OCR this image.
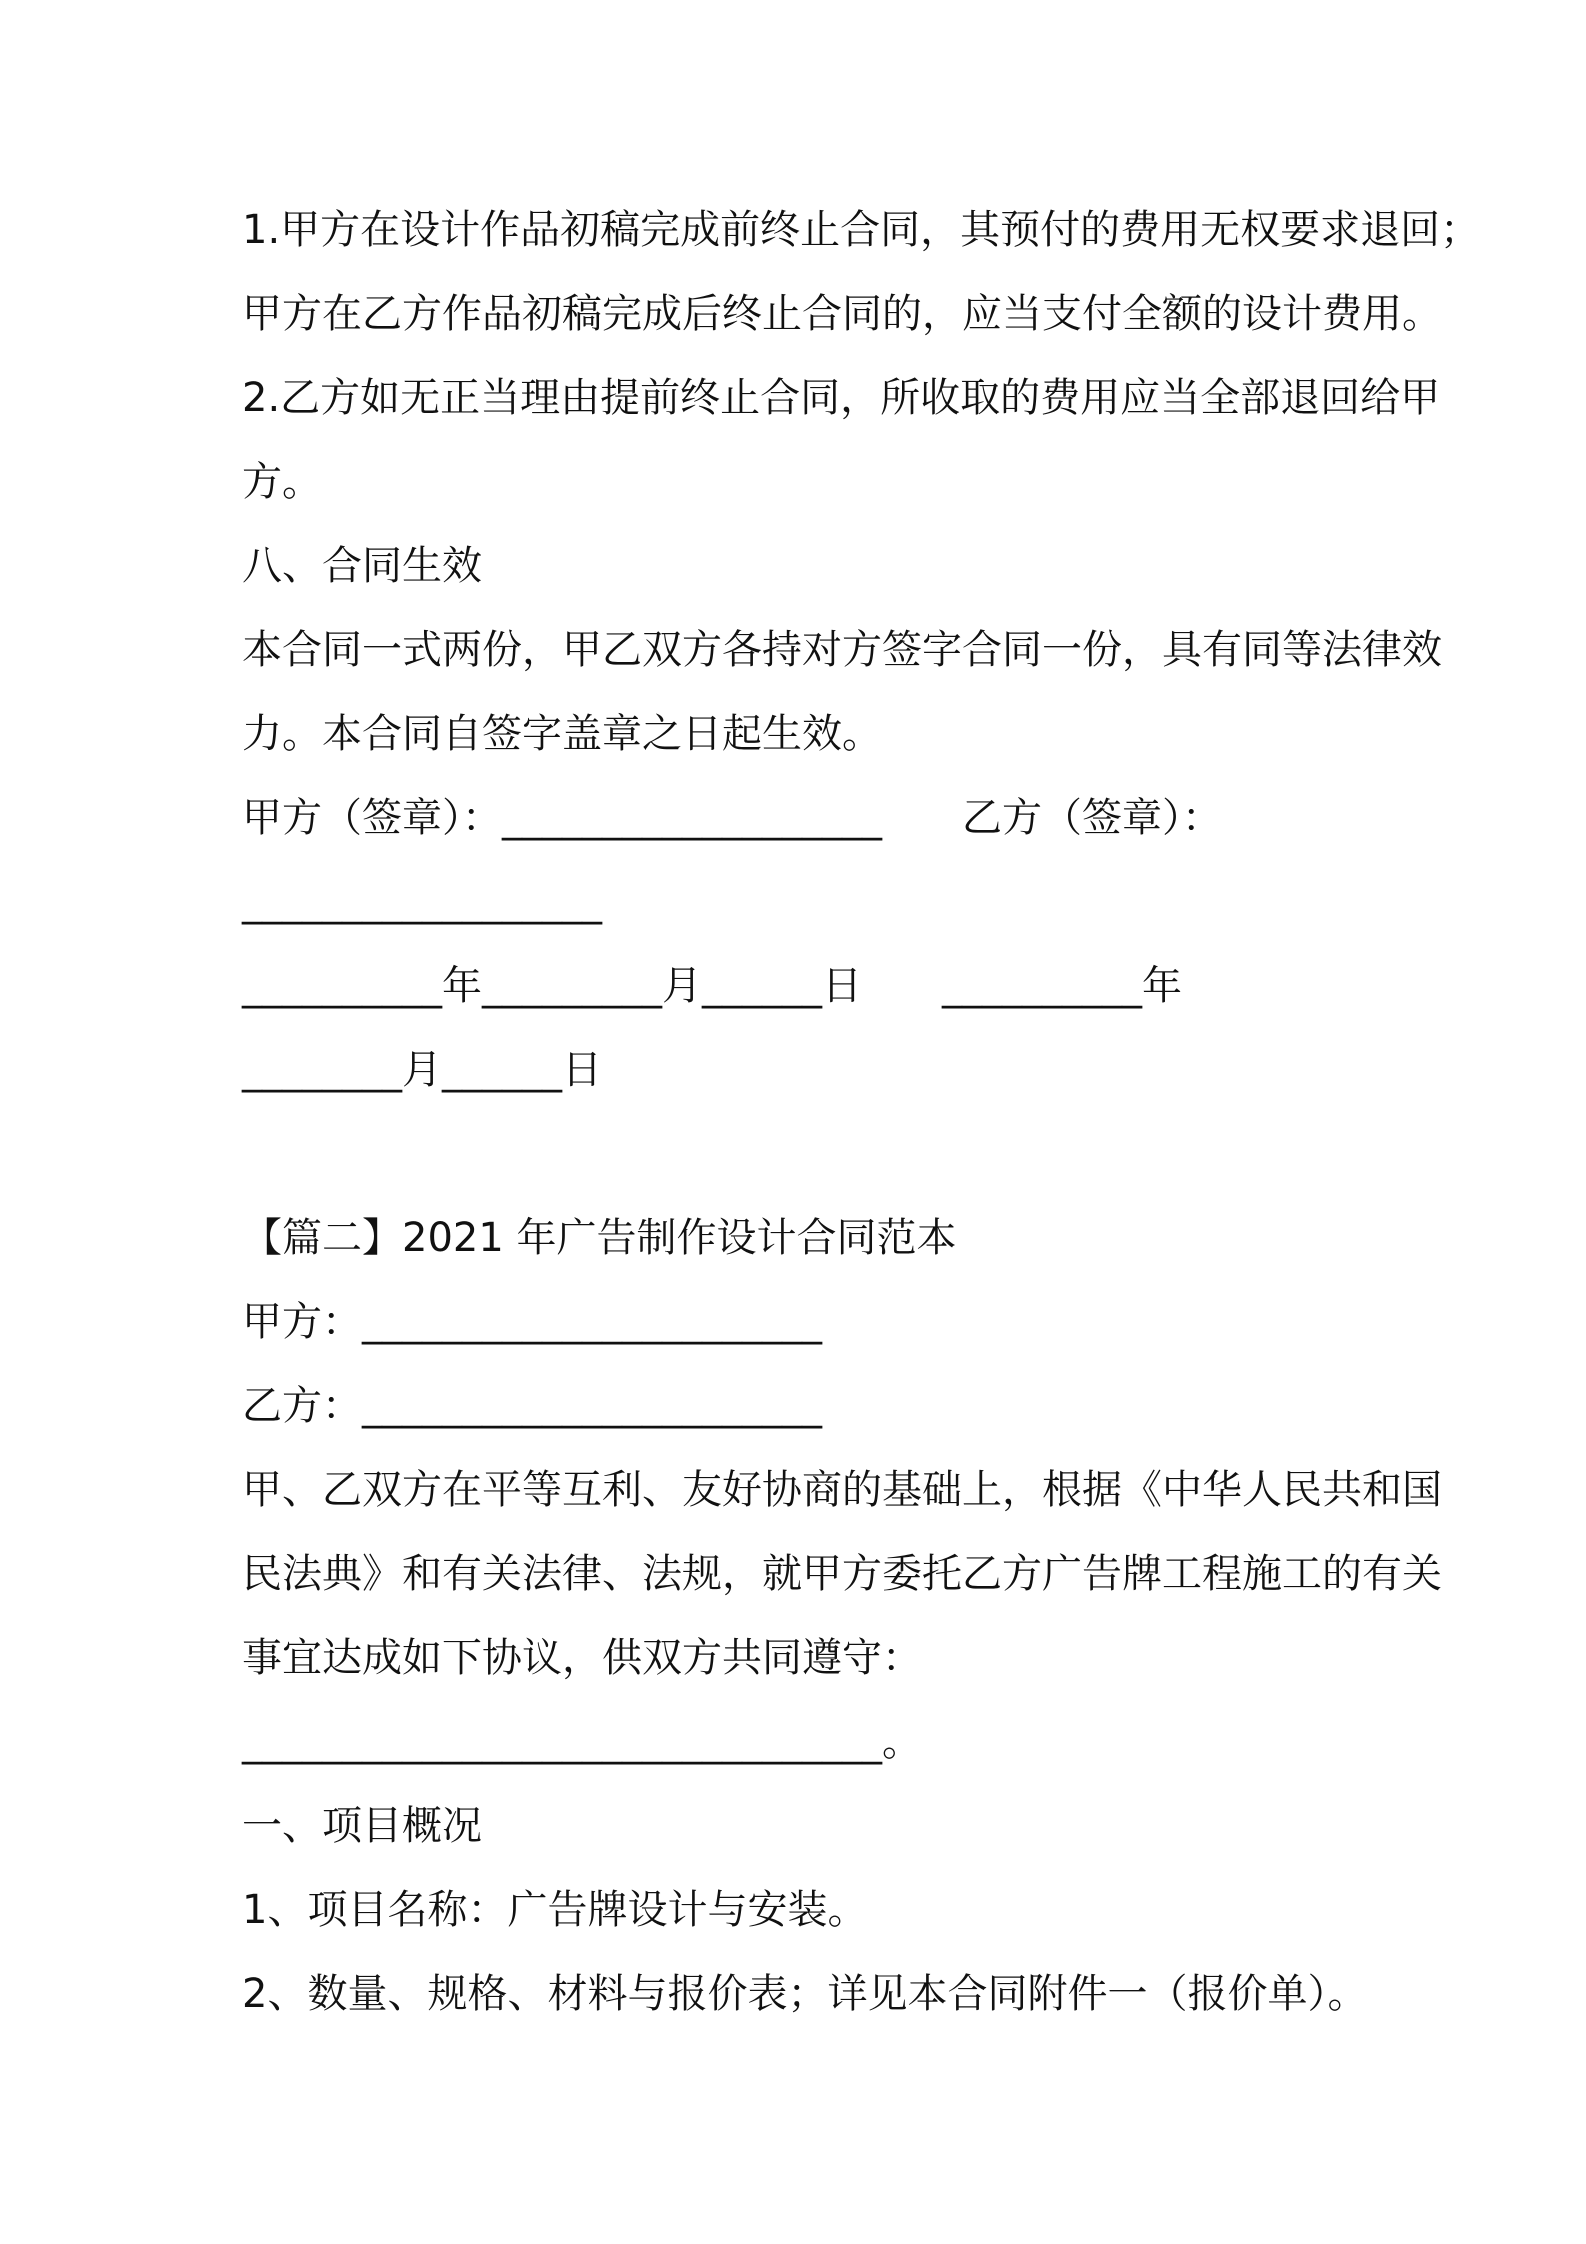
1.甲方在设计作品初稿完成前终止合同，其预付的费用无权要求退回；
甲方在乙方作品初稿完成后终止合同的，应当支付全额的设计费用。
2.乙方如无正当理由提前终止合同，所收取的费用应当全部退回给甲
方。
八、合同生效
本合同一式两份，甲乙双方各持对方签字合同一份，具有同等法律效
力。本合同自签字盖章之日起生效。
甲方（签章）：___________________　　乙方（签章）：
__________________
__________年_________月______日　　__________年
________月______日
【篇二】2021 年广告制作设计合同范本
甲方：_______________________
乙方：_______________________
甲、乙双方在平等互利、友好协商的基础上，根据《中华人民共和国
民法典》和有关法律、法规，就甲方委托乙方广告牌工程施工的有关
事宜达成如下协议，供双方共同遵守：
________________________________。
一、项目概况
1、项目名称：广告牌设计与安装。
2、数量、规格、材料与报价表；详见本合同附件一（报价单）。
